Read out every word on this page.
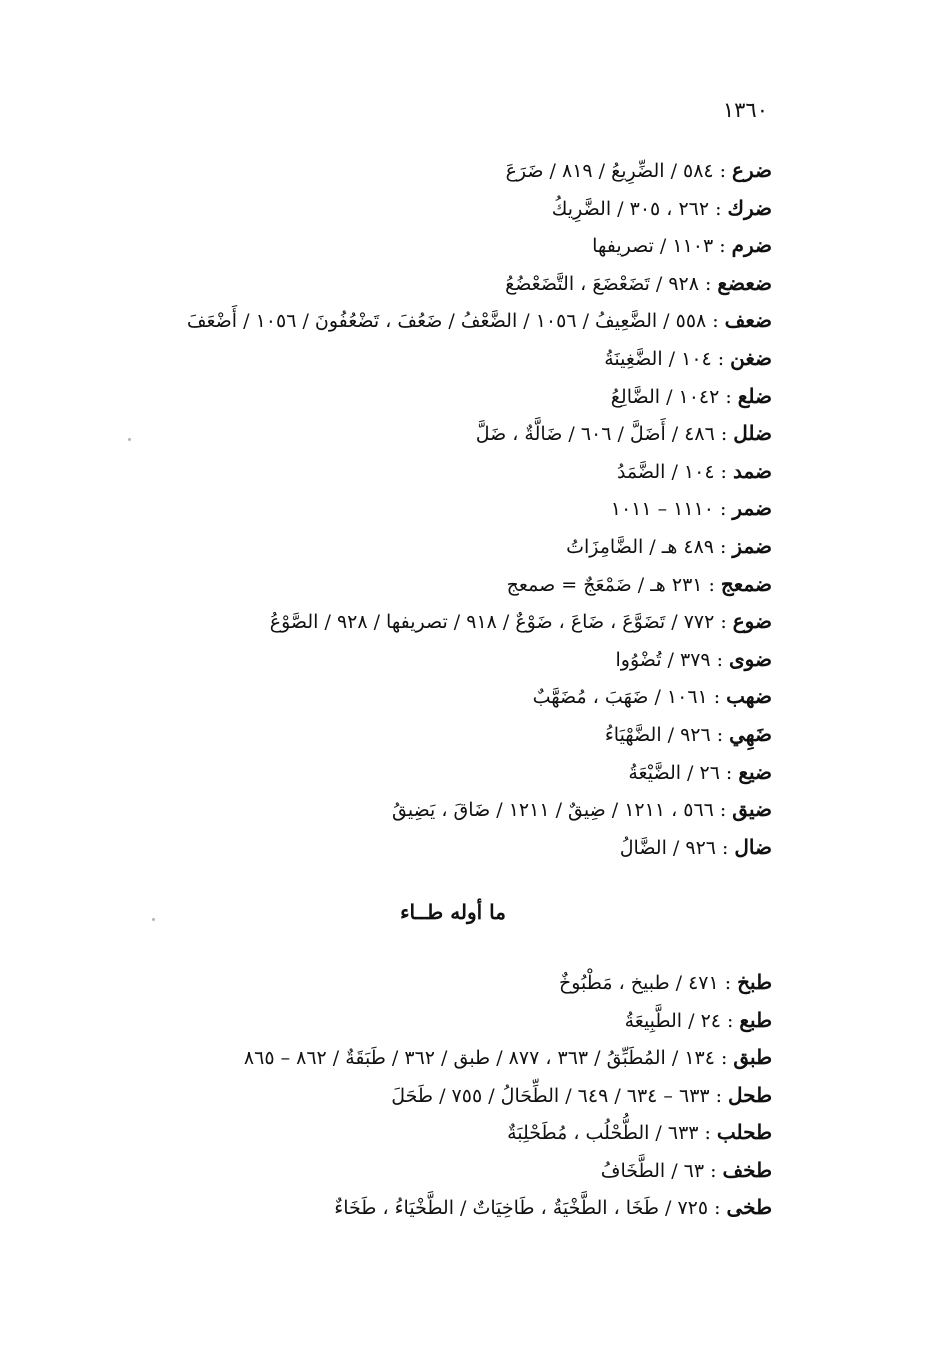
١٣٦٠

ضرع:٥٨٤ / الضِّرِيعُ / ٨١٩ / ضَرَعَ
ضرك:٢٦٢ ، ٣٠٥ / الضَّرِيكُ
ضرم:١١٠٣ / تصريفها
ضعضع:٩٢٨ / تَضَعْضَعَ ، التَّضَعْضُعُ
ضعف:٥٥٨ / الضَّعِيفُ / ١٠٥٦ / الضَّعْفُ / ضَعُفَ ، تَضْعُفُونَ / ١٠٥٦ / أَضْعَفَ
ضغن:١٠٤ / الضَّغِينَةُ
ضلع:١٠٤٢ / الضَّالِعُ
ضلل:٤٨٦ / أَضَلَّ / ٦٠٦ / ضَالَّةٌ ، ضَلَّ
ضمد:١٠٤ / الضَّمَدُ
ضمر:١١١٠ – ١٠١١
ضمز:٤٨٩ هـ / الضَّامِزَاتُ
ضمعج:٢٣١ هـ / ضَمْعَجٌ = صمعج
ضوع:٧٧٢ / تَضَوَّعَ ، ضَاعَ ، ضَوْعٌ / ٩١٨ / تصريفها / ٩٢٨ / الصَّوْعُ
ضوى:٣٧٩ / تُضْوُوا
ضهب:١٠٦١ / ضَهَبَ ، مُضَهَّبٌ
ضَهِي:٩٢٦ / الضَّهْيَاءُ
ضيع:٢٦ / الضَّيْعَةُ
ضيق:٥٦٦ ، ١٢١١ / ضِيقٌ / ١٢١١ / ضَاقَ ، يَضِيقُ
ضال:٩٢٦ / الضَّالُ
ما أوله طــاء
طبخ:٤٧١ / طبيخ ، مَطْبُوخٌ
طبع:٢٤ / الطَّبِيعَةُ
طبق:١٣٤ / المُطَبِّقُ / ٣٦٣ ، ٨٧٧ / طبق / ٣٦٢ / طَبَقَةٌ / ٨٦٢ – ٨٦٥
طحل:٦٣٣ – ٦٣٤ / ٦٤٩ / الطِّحَالُ / ٧٥٥ / طَحَلَ
طحلب:٦٣٣ / الطُّحْلُب ، مُطَحْلِبَةٌ
طخف:٦٣ / الطَّخَافُ
طخى:٧٢٥ / طَخَا ، الطَّخْيَةُ ، طَاخِيَاتٌ / الطَّخْيَاءُ ، طَخَاءٌ
